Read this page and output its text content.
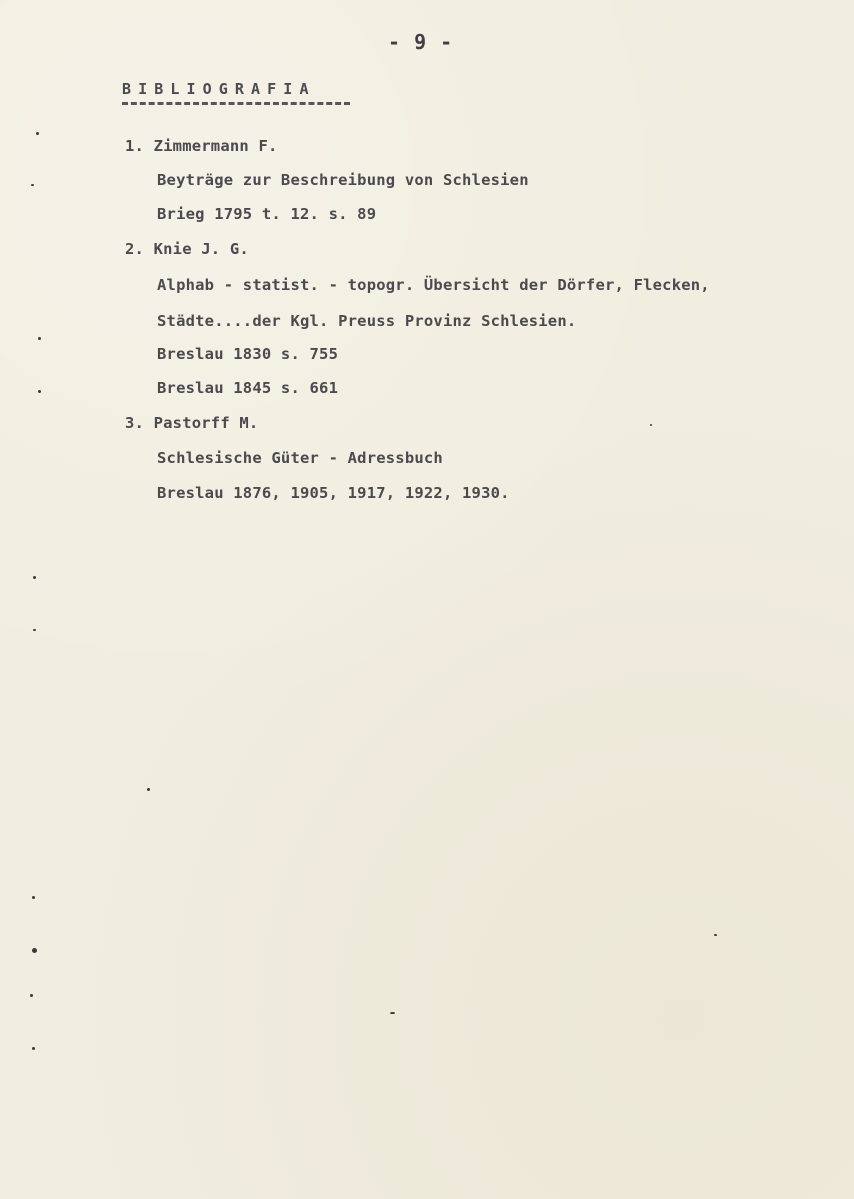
- 9 -
BIBLIOGRAFIA
1. Zimmermann F.
Beyträge zur Beschreibung von Schlesien
Brieg 1795 t. 12. s. 89
2. Knie J. G.
Alphab - statist. - topogr. Übersicht der Dörfer, Flecken,
Städte....der Kgl. Preuss Provinz Schlesien.
Breslau 1830 s. 755
Breslau 1845 s. 661
3. Pastorff M.
Schlesische Güter - Adressbuch
Breslau 1876, 1905, 1917, 1922, 1930.
